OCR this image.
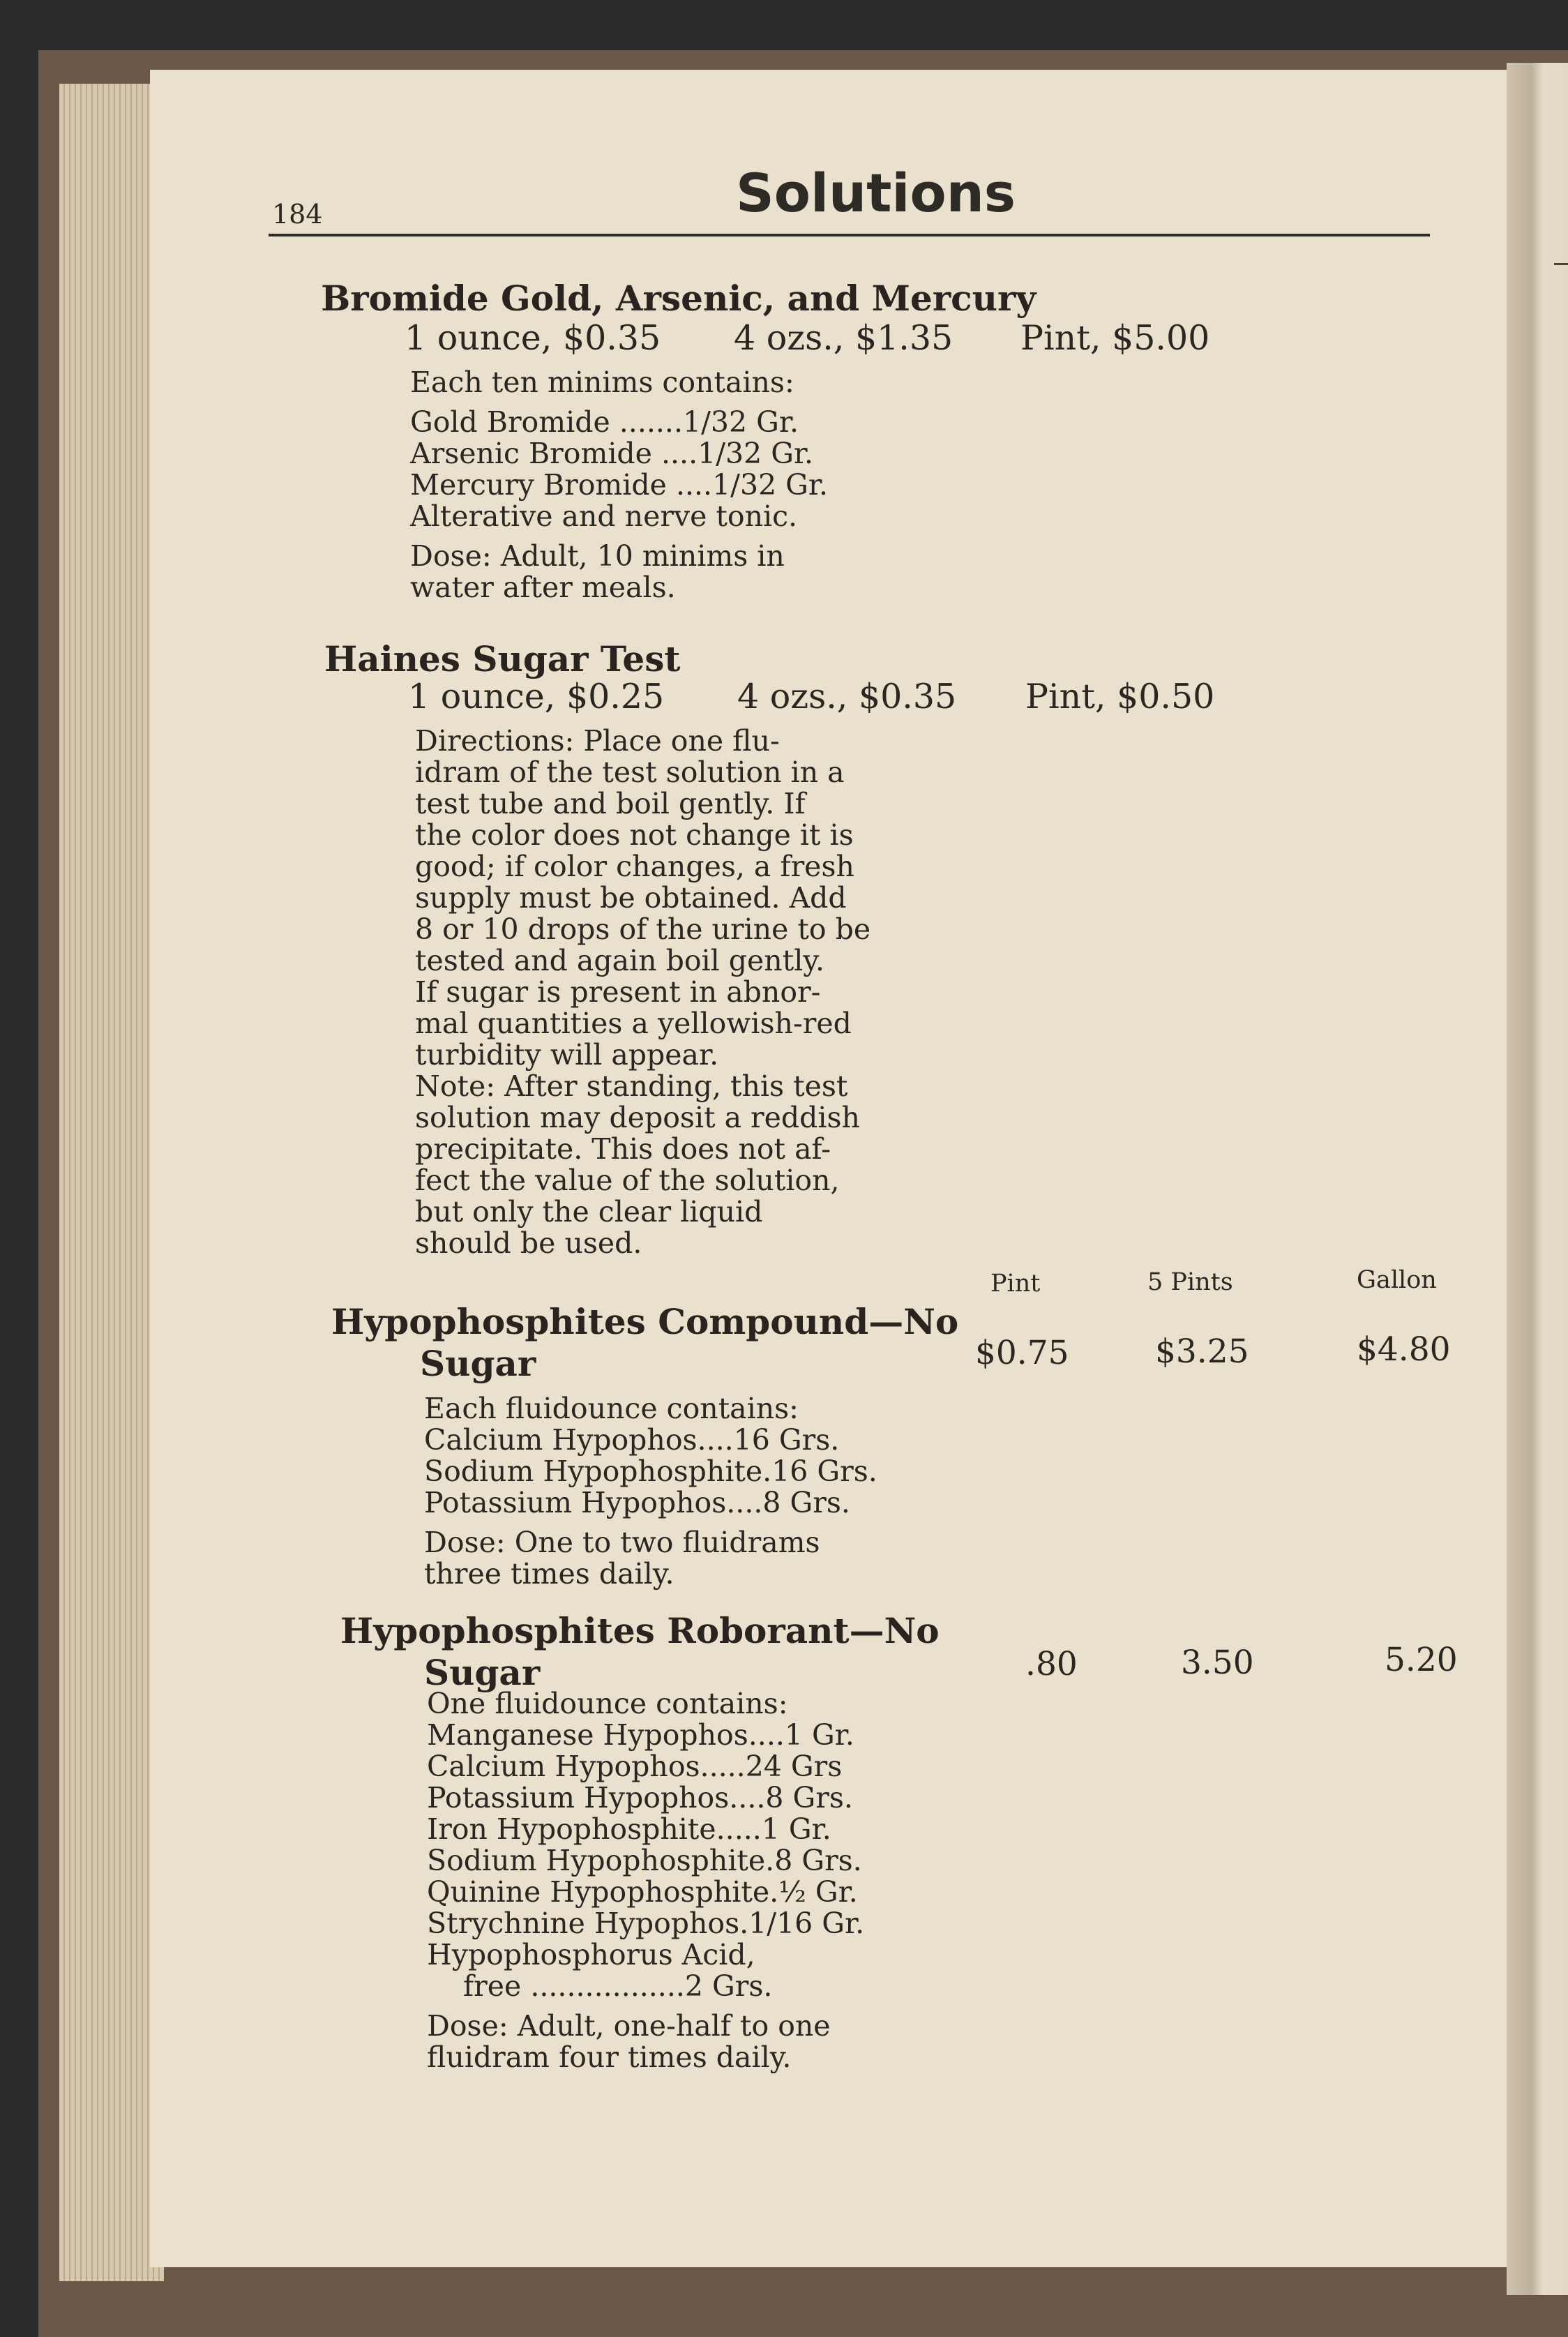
184	Solutions
Bromide Gold, Arsenic, and Mercury
1 ounce, $0.35 4 ozs., $1.35 Pint, $5.00
Each ten minims contains:
Gold Bromide .......1/32 Gr.
Arsenic Bromide ....1/32 Gr.
Mercury Bromide ....1/32 Gr.
Alterative and nerve tonic.
Dose: Adult, 10 minims in
water after meals.
Haines Sugar Test
1 ounce, $0.25 4 ozs., $0.35 Pint, $0.50
Directions: Place one flu-
idram of the test solution in a
test tube and boil gently. If
the color does not change it is
good; if color changes, a fresh
supply must be obtained. Add
8 or 10 drops of the urine to be
tested and again boil gently.
If sugar is present in abnor-
mal quantities a yellowish-red
turbidity will appear.
Note: After standing, this test
solution may deposit a reddish
precipitate. This does not af-
fect the value of the solution,
but only the clear liquid
should be used.
Pint	5 Pints	Gallon
Hypophosphites Compound—No
Sugar	$0.75	$3.25	$4.80
Each fluidounce contains:
Calcium Hypophos....16 Grs.
Sodium Hypophosphite.16 Grs.
Potassium Hypophos....8 Grs.
Dose: One to two fluidrams
three times daily.
Hypophosphites Roborant—No
Sugar	.80	3.50	5.20
One fluidounce contains:
Manganese Hypophos....1 Gr.
Calcium Hypophos.....24 Grs
Potassium Hypophos....8 Grs.
Iron Hypophosphite.....1 Gr.
Sodium Hypophosphite.8 Grs.
Quinine Hypophosphite.½ Gr.
Strychnine Hypophos.1/16 Gr.
Hypophosphorus Acid,
free .................2 Grs.
Dose: Adult, one-half to one
fluidram four times daily.
